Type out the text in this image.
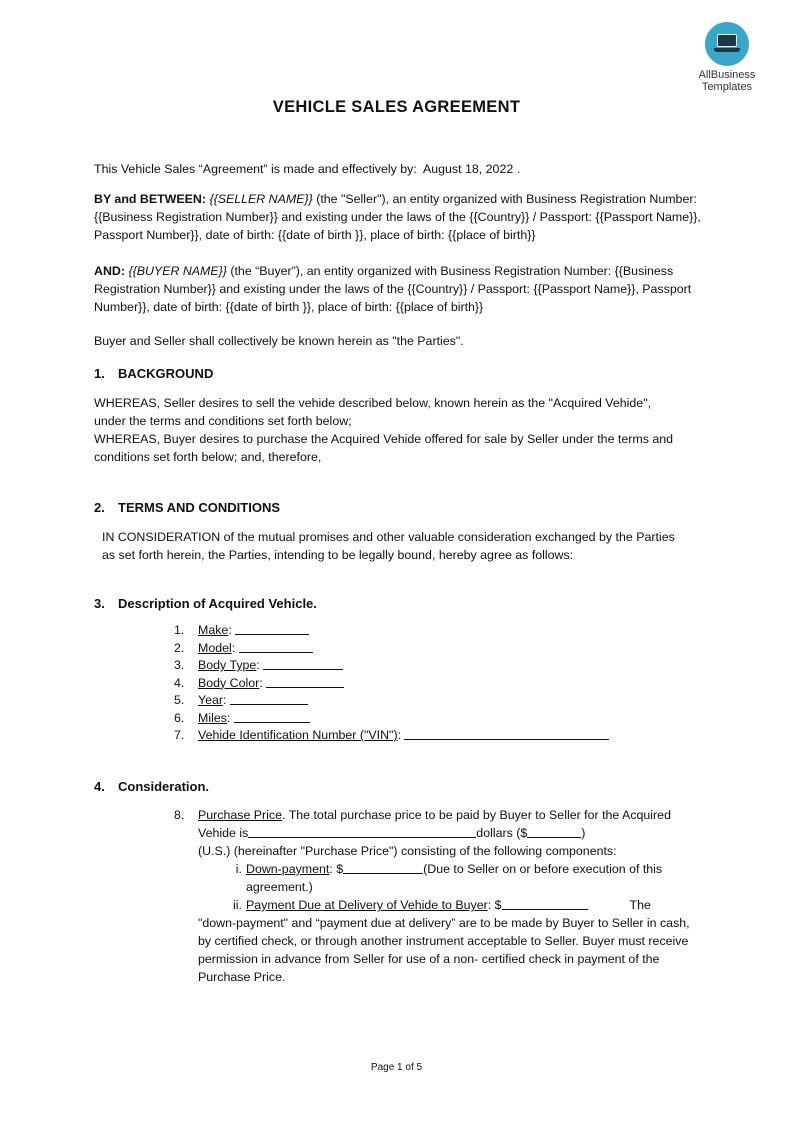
AllBusiness
Templates
VEHICLE SALES AGREEMENT
This Vehicle Sales “Agreement” is made and effectively by: August 18, 2022 .
BY and BETWEEN: {{SELLER NAME}} (the "Seller"), an entity organized with Business Registration Number: {{Business Registration Number}} and existing under the laws of the {{Country}} / Passport: {{Passport Name}}, Passport Number}}, date of birth: {{date of birth }}, place of birth: {{place of birth}}
AND: {{BUYER NAME}} (the “Buyer”), an entity organized with Business Registration Number: {{Business Registration Number}} and existing under the laws of the {{Country}} / Passport: {{Passport Name}}, Passport Number}}, date of birth: {{date of birth }}, place of birth: {{place of birth}}
Buyer and Seller shall collectively be known herein as "the Parties".
1. BACKGROUND
WHEREAS, Seller desires to sell the vehide described below, known herein as the "Acquired Vehide", under the terms and conditions set forth below;
WHEREAS, Buyer desires to purchase the Acquired Vehide offered for sale by Seller under the terms and conditions set forth below; and, therefore,
2. TERMS AND CONDITIONS
IN CONSIDERATION of the mutual promises and other valuable consideration exchanged by the Parties as set forth herein, the Parties, intending to be legally bound, hereby agree as follows:
3. Description of Acquired Vehicle.
1. Make:
2. Model:
3. Body Type:
4. Body Color:
5. Year:
6. Miles:
7. Vehide Identification Number ("VIN"):
4. Consideration.
8. Purchase Price. The total purchase price to be paid by Buyer to Seller for the Acquired Vehide is	dollars ($	)
(U.S.) (hereinafter "Purchase Price") consisting of the following components:
i. Down-payment: $	(Due to Seller on or before execution of this agreement.)
ii. Payment Due at Delivery of Vehide to Buyer: $	The
"down-payment" and “payment due at delivery” are to be made by Buyer to Seller in cash, by certified check, or through another instrument acceptable to Seller. Buyer must receive permission in advance from Seller for use of a non- certified check in payment of the Purchase Price.
Page 1 of 5
